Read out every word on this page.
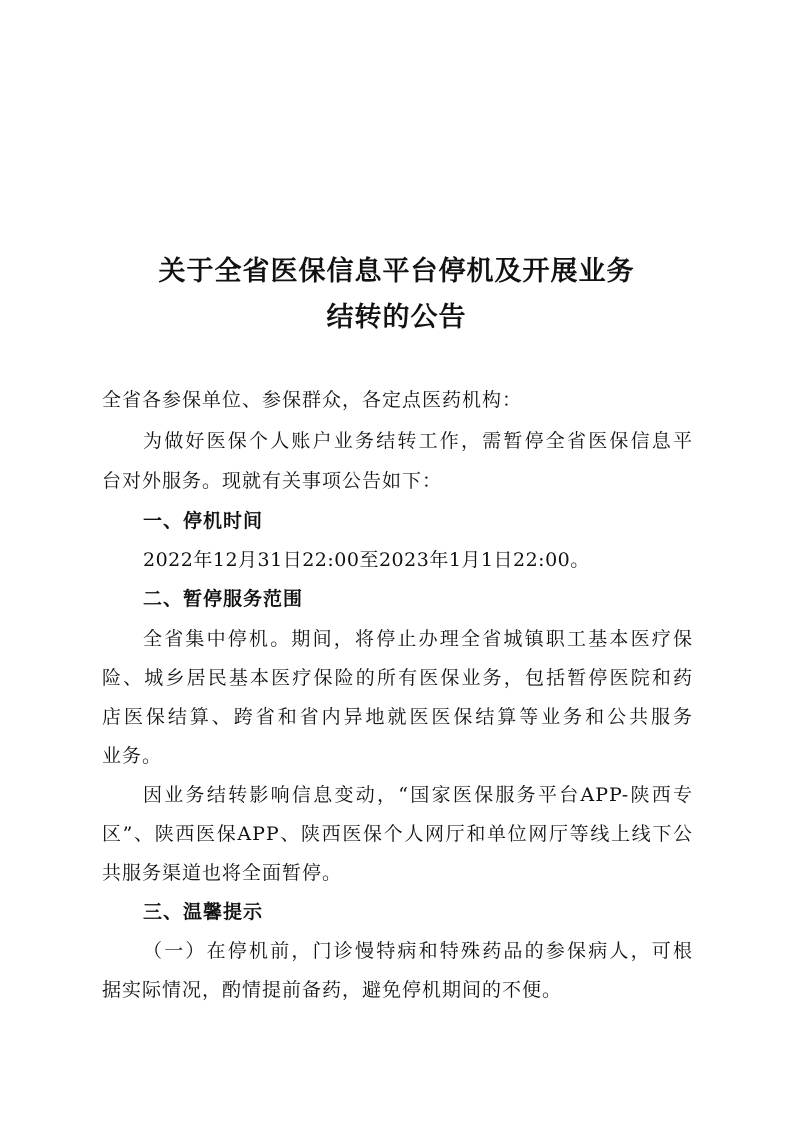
关于全省医保信息平台停机及开展业务
结转的公告
全省各参保单位、参保群众，各定点医药机构：
为做好医保个人账户业务结转工作，需暂停全省医保信息平
台对外服务。现就有关事项公告如下：
一、停机时间
2022年12月31日22:00至2023年1月1日22:00。
二、暂停服务范围
全省集中停机。期间，将停止办理全省城镇职工基本医疗保
险、城乡居民基本医疗保险的所有医保业务，包括暂停医院和药
店医保结算、跨省和省内异地就医医保结算等业务和公共服务
业务。
因业务结转影响信息变动，“国家医保服务平台APP-陕西专
区”、陕西医保APP、陕西医保个人网厅和单位网厅等线上线下公
共服务渠道也将全面暂停。
三、温馨提示
（一）在停机前，门诊慢特病和特殊药品的参保病人，可根
据实际情况，酌情提前备药，避免停机期间的不便。
